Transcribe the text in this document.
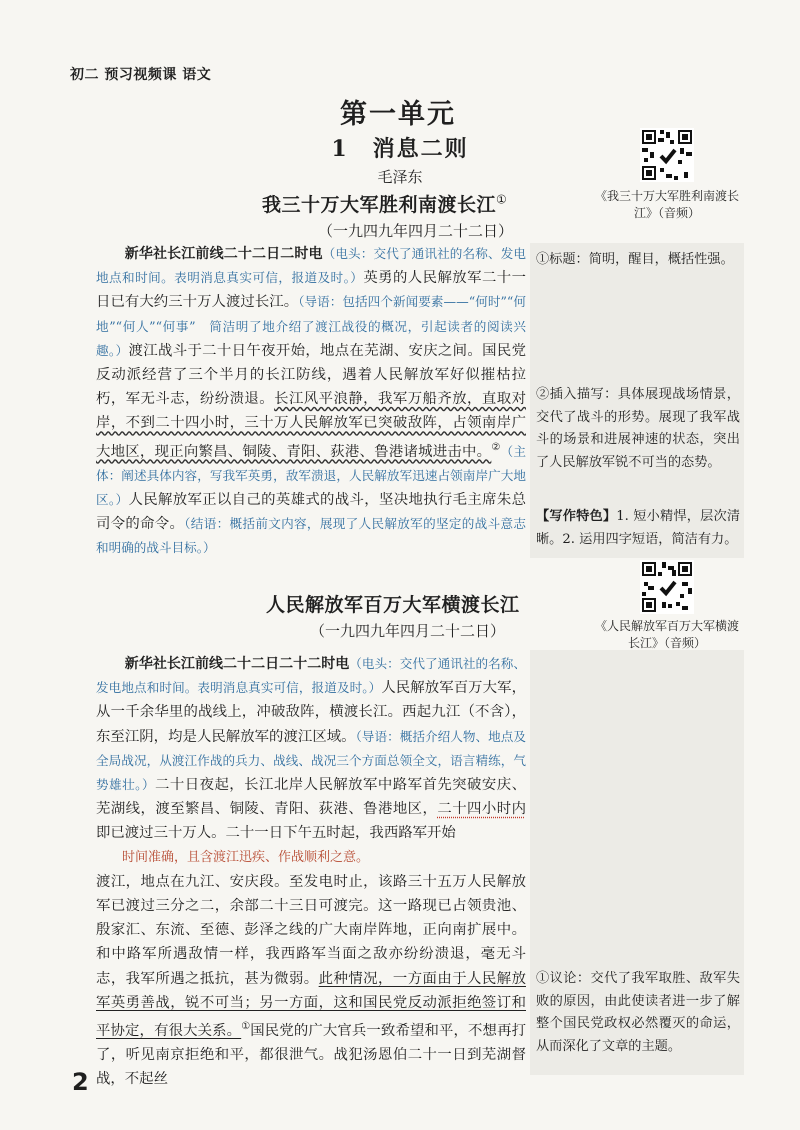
初二 预习视频课 语文
第一单元
1　消息二则
毛泽东
《我三十万大军胜利南渡长江》（音频）
我三十万大军胜利南渡长江①
（一九四九年四月二十二日）

新华社长江前线二十二日二时电（电头：交代了通讯社的名称、发电地点和时间。表明消息真实可信，报道及时。）英勇的人民解放军二十一日已有大约三十万人渡过长江。（导语：包括四个新闻要素——“何时”“何地”“何人”“何事”　简洁明了地介绍了渡江战役的概况，引起读者的阅读兴趣。）渡江战斗于二十日午夜开始，地点在芜湖、安庆之间。国民党反动派经营了三个半月的长江防线，遇着人民解放军好似摧枯拉朽，军无斗志，纷纷溃退。长江风平浪静，我军万船齐放，直取对岸，不到二十四小时，三十万人民解放军已突破敌阵，占领南岸广大地区，现正向繁昌、铜陵、青阳、荻港、鲁港诸城进击中。②（主体：阐述具体内容，写我军英勇，敌军溃退，人民解放军迅速占领南岸广大地区。）人民解放军正以自己的英雄式的战斗，坚决地执行毛主席朱总司令的命令。（结语：概括前文内容，展现了人民解放军的坚定的战斗意志和明确的战斗目标。）

①标题：简明，醒目，概括性强。
②插入描写：具体展现战场情景，交代了战斗的形势。展现了我军战斗的场景和进展神速的状态，突出了人民解放军锐不可当的态势。
【写作特色】1. 短小精悍，层次清晰。2. 运用四字短语，简洁有力。
《人民解放军百万大军横渡长江》（音频）
人民解放军百万大军横渡长江
（一九四九年四月二十二日）

新华社长江前线二十二日二十二时电（电头：交代了通讯社的名称、发电地点和时间。表明消息真实可信，报道及时。）人民解放军百万大军，从一千余华里的战线上，冲破敌阵，横渡长江。西起九江（不含），东至江阴，均是人民解放军的渡江区域。（导语：概括介绍人物、地点及全局战况，从渡江作战的兵力、战线、战况三个方面总领全文，语言精练，气势雄壮。）二十日夜起，长江北岸人民解放军中路军首先突破安庆、芜湖线，渡至繁昌、铜陵、青阳、荻港、鲁港地区，二十四小时内即已渡过三十万人。二十一日下午五时起，我西路军开始

时间准确，且含渡江迅疾、作战顺利之意。

渡江，地点在九江、安庆段。至发电时止，该路三十五万人民解放军已渡过三分之二，余部二十三日可渡完。这一路现已占领贵池、殷家汇、东流、至德、彭泽之线的广大南岸阵地，正向南扩展中。和中路军所遇敌情一样，我西路军当面之敌亦纷纷溃退，毫无斗志，我军所遇之抵抗，甚为微弱。此种情况，一方面由于人民解放军英勇善战，锐不可当；另一方面，这和国民党反动派拒绝签订和平协定，有很大关系。①国民党的广大官兵一致希望和平，不想再打了，听见南京拒绝和平，都很泄气。战犯汤恩伯二十一日到芜湖督战，不起丝

①议论：交代了我军取胜、敌军失败的原因，由此使读者进一步了解整个国民党政权必然覆灭的命运，从而深化了文章的主题。
2
